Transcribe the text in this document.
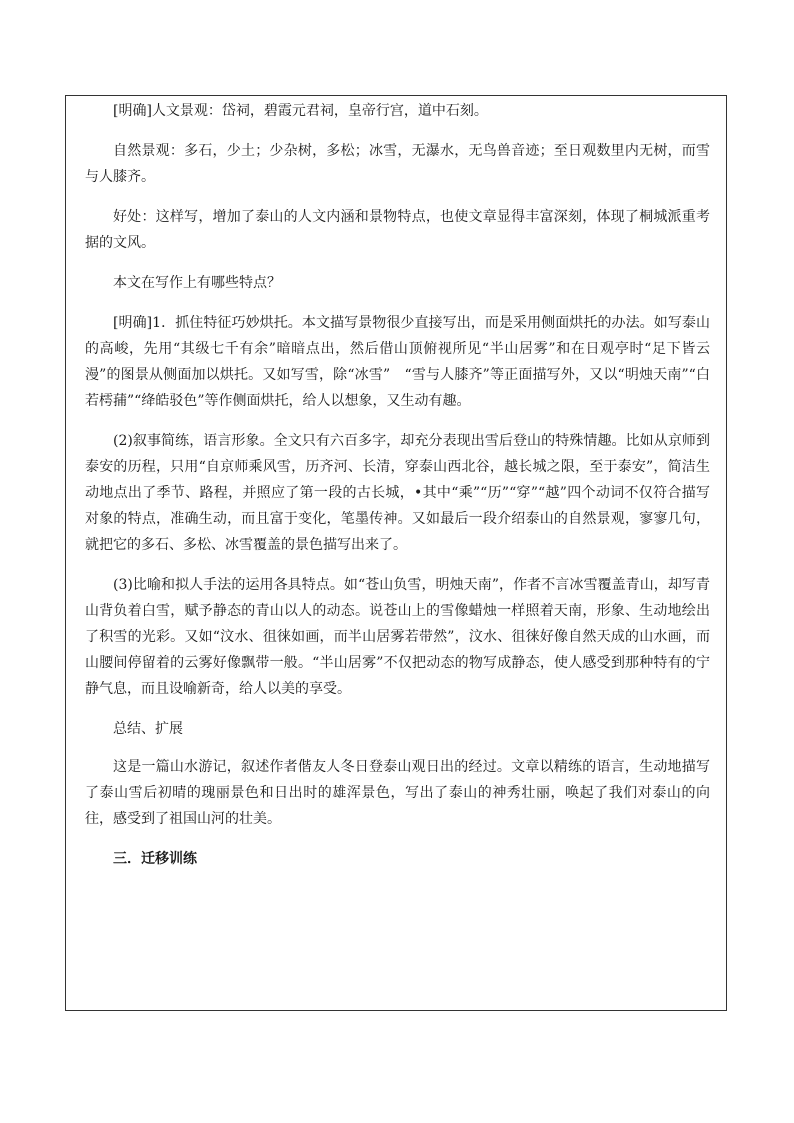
[明确]人文景观：岱祠，碧霞元君祠，皇帝行宫，道中石刻。

自然景观：多石，少土；少杂树，多松；冰雪，无瀑水，无鸟兽音迹；至日观数里内无树，而雪与人膝齐。

好处：这样写，增加了泰山的人文内涵和景物特点，也使文章显得丰富深刻，体现了桐城派重考据的文风。

本文在写作上有哪些特点？

[明确]1．抓住特征巧妙烘托。本文描写景物很少直接写出，而是采用侧面烘托的办法。如写泰山的高峻，先用“其级七千有余”暗暗点出，然后借山顶俯视所见“半山居雾”和在日观亭时“足下皆云漫”的图景从侧面加以烘托。又如写雪，除“冰雪”　“雪与人膝齐”等正面描写外，又以“明烛天南”“白若樗蒱”“绛皓驳色”等作侧面烘托，给人以想象，又生动有趣。

(2)叙事简练，语言形象。全文只有六百多字，却充分表现出雪后登山的特殊情趣。比如从京师到泰安的历程，只用“自京师乘风雪，历齐河、长清，穿泰山西北谷，越长城之限，至于泰安”，简洁生动地点出了季节、路程，并照应了第一段的古长城，•其中“乘”“历”“穿”“越”四个动词不仅符合描写对象的特点，准确生动，而且富于变化，笔墨传神。又如最后一段介绍泰山的自然景观，寥寥几句，就把它的多石、多松、冰雪覆盖的景色描写出来了。

(3)比喻和拟人手法的运用各具特点。如“苍山负雪，明烛天南”，作者不言冰雪覆盖青山，却写青山背负着白雪，赋予静态的青山以人的动态。说苍山上的雪像蜡烛一样照着天南，形象、生动地绘出了积雪的光彩。又如“汶水、徂徕如画，而半山居雾若带然”，汶水、徂徕好像自然天成的山水画，而山腰间停留着的云雾好像飘带一般。“半山居雾”不仅把动态的物写成静态，使人感受到那种特有的宁静气息，而且设喻新奇，给人以美的享受。

总结、扩展

这是一篇山水游记，叙述作者偕友人冬日登泰山观日出的经过。文章以精练的语言，生动地描写了泰山雪后初晴的瑰丽景色和日出时的雄浑景色，写出了泰山的神秀壮丽，唤起了我们对泰山的向往，感受到了祖国山河的壮美。

三．迁移训练
